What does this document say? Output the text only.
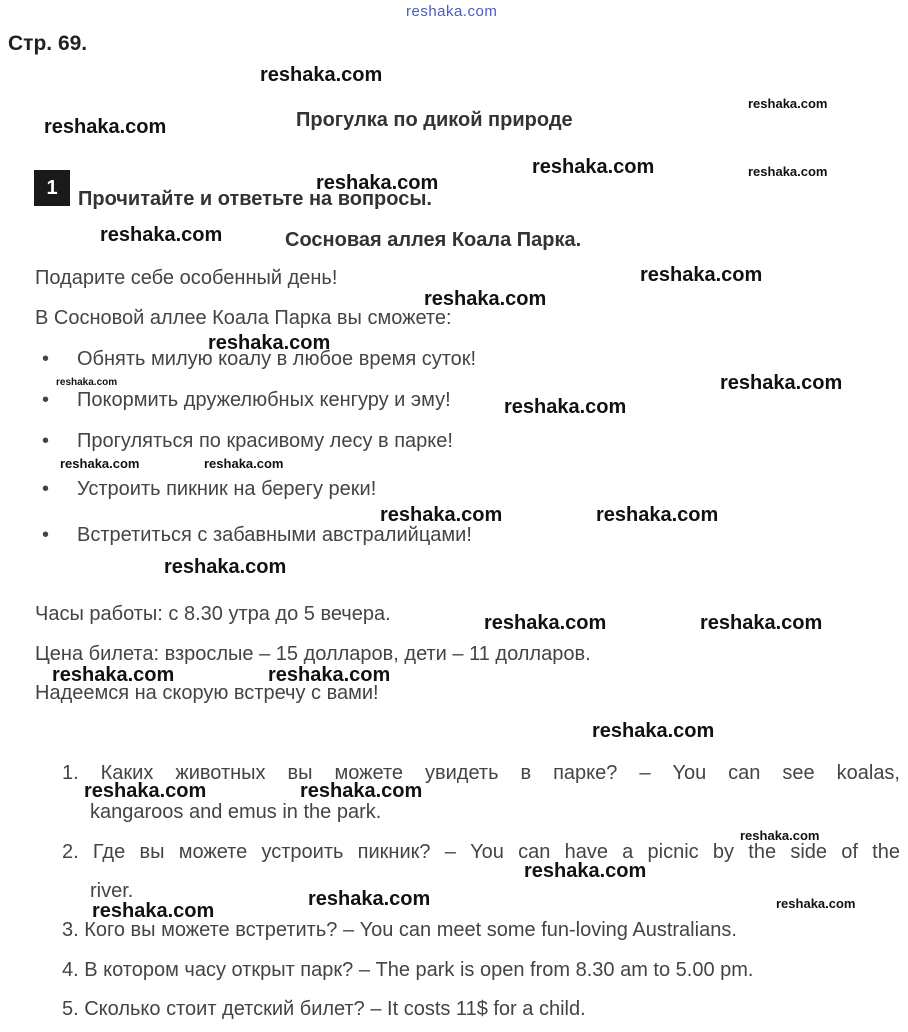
reshaka.com
Стр. 69.
Прогулка по дикой природе
1
Прочитайте и ответьте на вопросы.
Сосновая аллея Коала Парка.
Подарите себе особенный день!
В Сосновой аллее Коала Парка вы сможете:
• Обнять милую коалу в любое время суток!
• Покормить дружелюбных кенгуру и эму!
• Прогуляться по красивому лесу в парке!
• Устроить пикник на берегу реки!
• Встретиться с забавными австралийцами!
Часы работы: с 8.30 утра до 5 вечера.
Цена билета: взрослые – 15 долларов, дети – 11 долларов.
Надеемся на скорую встречу с вами!
1. Каких животных вы можете увидеть в парке? – You can see koalas,
kangaroos and emus in the park.
2. Где вы можете устроить пикник? – You can have a picnic by the side of the
river.
3. Кого вы можете встретить? – You can meet some fun-loving Australians.
4. В котором часу открыт парк? – The park is open from 8.30 am to 5.00 pm.
5. Сколько стоит детский билет? – It costs 11$ for a child.
reshaka.com
reshaka.com
reshaka.com
reshaka.com	reshaka.com
reshaka.com
reshaka.com
reshaka.com
reshaka.com
reshaka.com
reshaka.com	reshaka.com
reshaka.com
reshaka.com	reshaka.com
reshaka.com	reshaka.com
reshaka.com
reshaka.com	reshaka.com
reshaka.com	reshaka.com
reshaka.com
reshaka.com	reshaka.com
reshaka.com
reshaka.com
reshaka.com	reshaka.com
reshaka.com
